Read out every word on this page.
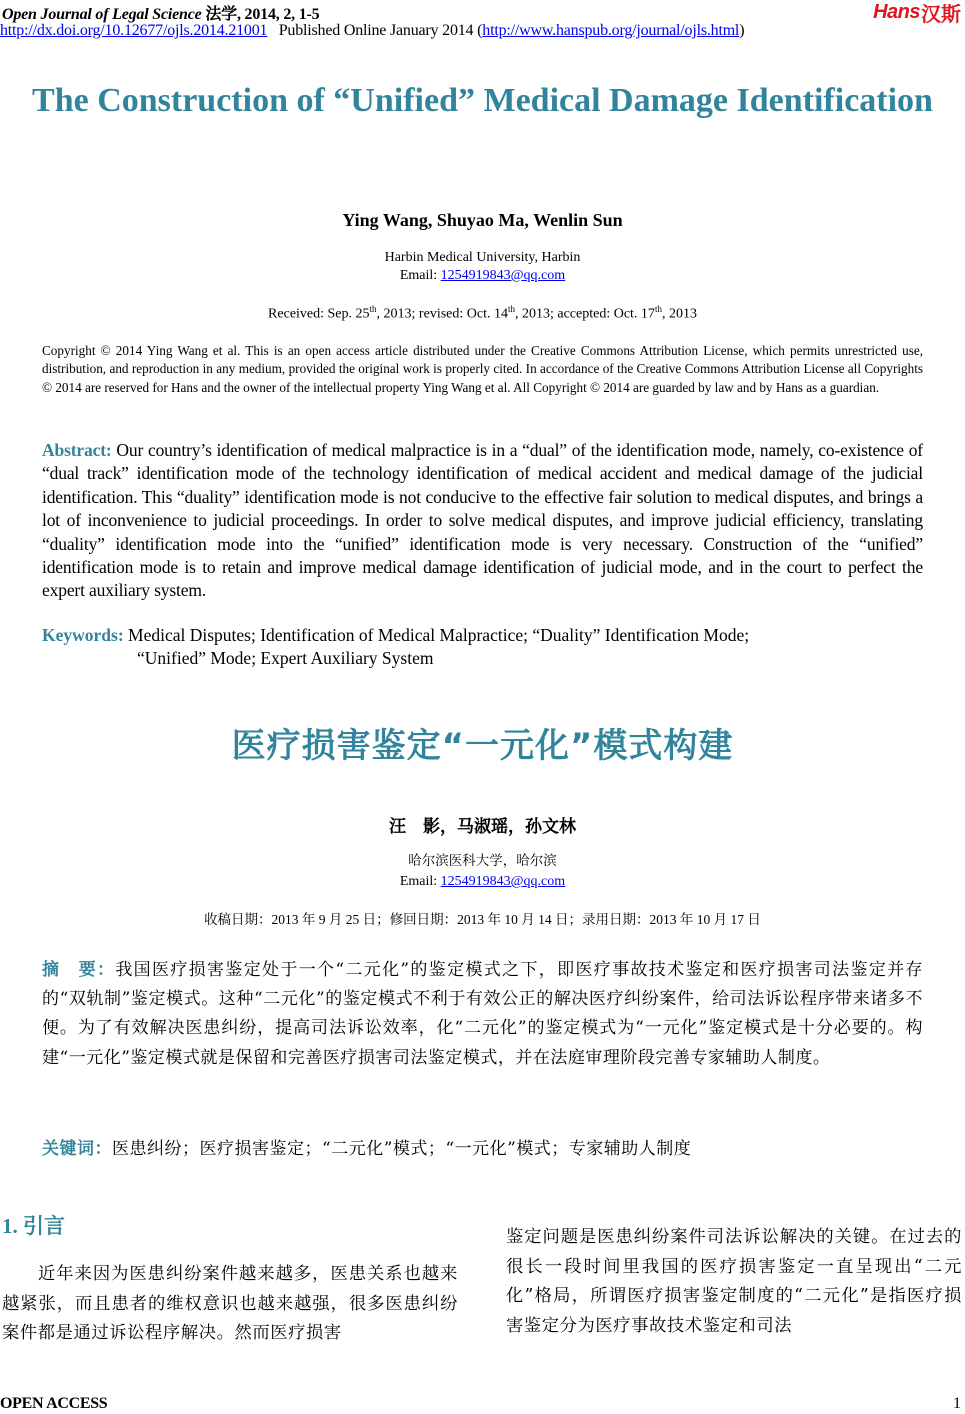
Open Journal of Legal Science 法学, 2014, 2, 1-5
http://dx.doi.org/10.12677/ojls.2014.21001 Published Online January 2014 (http://www.hanspub.org/journal/ojls.html)
Hans 汉斯
The Construction of “Unified” Medical Damage Identification
Ying Wang, Shuyao Ma, Wenlin Sun
Harbin Medical University, Harbin
Email: 1254919843@qq.com
Received: Sep. 25th, 2013; revised: Oct. 14th, 2013; accepted: Oct. 17th, 2013
Copyright © 2014 Ying Wang et al. This is an open access article distributed under the Creative Commons Attribution License, which permits unrestricted use, distribution, and reproduction in any medium, provided the original work is properly cited. In accordance of the Creative Commons Attribution License all Copyrights © 2014 are reserved for Hans and the owner of the intellectual property Ying Wang et al. All Copyright © 2014 are guarded by law and by Hans as a guardian.
Abstract: Our country’s identification of medical malpractice is in a “dual” of the identification mode, namely, co-existence of “dual track” identification mode of the technology identification of medical accident and medical damage of the judicial identification. This “duality” identification mode is not conducive to the effective fair solution to medical disputes, and brings a lot of inconvenience to judicial proceedings. In order to solve medical disputes, and improve judicial efficiency, translating “duality” identification mode into the “unified” identification mode is very necessary. Construction of the “unified” identification mode is to retain and improve medical damage identification of judicial mode, and in the court to perfect the expert auxiliary system.
Keywords: Medical Disputes; Identification of Medical Malpractice; “Duality” Identification Mode;
“Unified” Mode; Expert Auxiliary System
医疗损害鉴定“一元化”模式构建
汪　影，马淑瑶，孙文林
哈尔滨医科大学，哈尔滨
Email: 1254919843@qq.com
收稿日期：2013 年 9 月 25 日；修回日期：2013 年 10 月 14 日；录用日期：2013 年 10 月 17 日
摘　要：我国医疗损害鉴定处于一个“二元化”的鉴定模式之下，即医疗事故技术鉴定和医疗损害司法鉴定并存的“双轨制”鉴定模式。这种“二元化”的鉴定模式不利于有效公正的解决医疗纠纷案件，给司法诉讼程序带来诸多不便。为了有效解决医患纠纷，提高司法诉讼效率，化“二元化”的鉴定模式为“一元化”鉴定模式是十分必要的。构建“一元化”鉴定模式就是保留和完善医疗损害司法鉴定模式，并在法庭审理阶段完善专家辅助人制度。
关键词：医患纠纷；医疗损害鉴定；“二元化”模式；“一元化”模式；专家辅助人制度
1. 引言
近年来因为医患纠纷案件越来越多，医患关系也越来越紧张，而且患者的维权意识也越来越强，很多医患纠纷案件都是通过诉讼程序解决。然而医疗损害
鉴定问题是医患纠纷案件司法诉讼解决的关键。在过去的很长一段时间里我国的医疗损害鉴定一直呈现出“二元化”格局，所谓医疗损害鉴定制度的“二元化”是指医疗损害鉴定分为医疗事故技术鉴定和司法
OPEN ACCESS	1
